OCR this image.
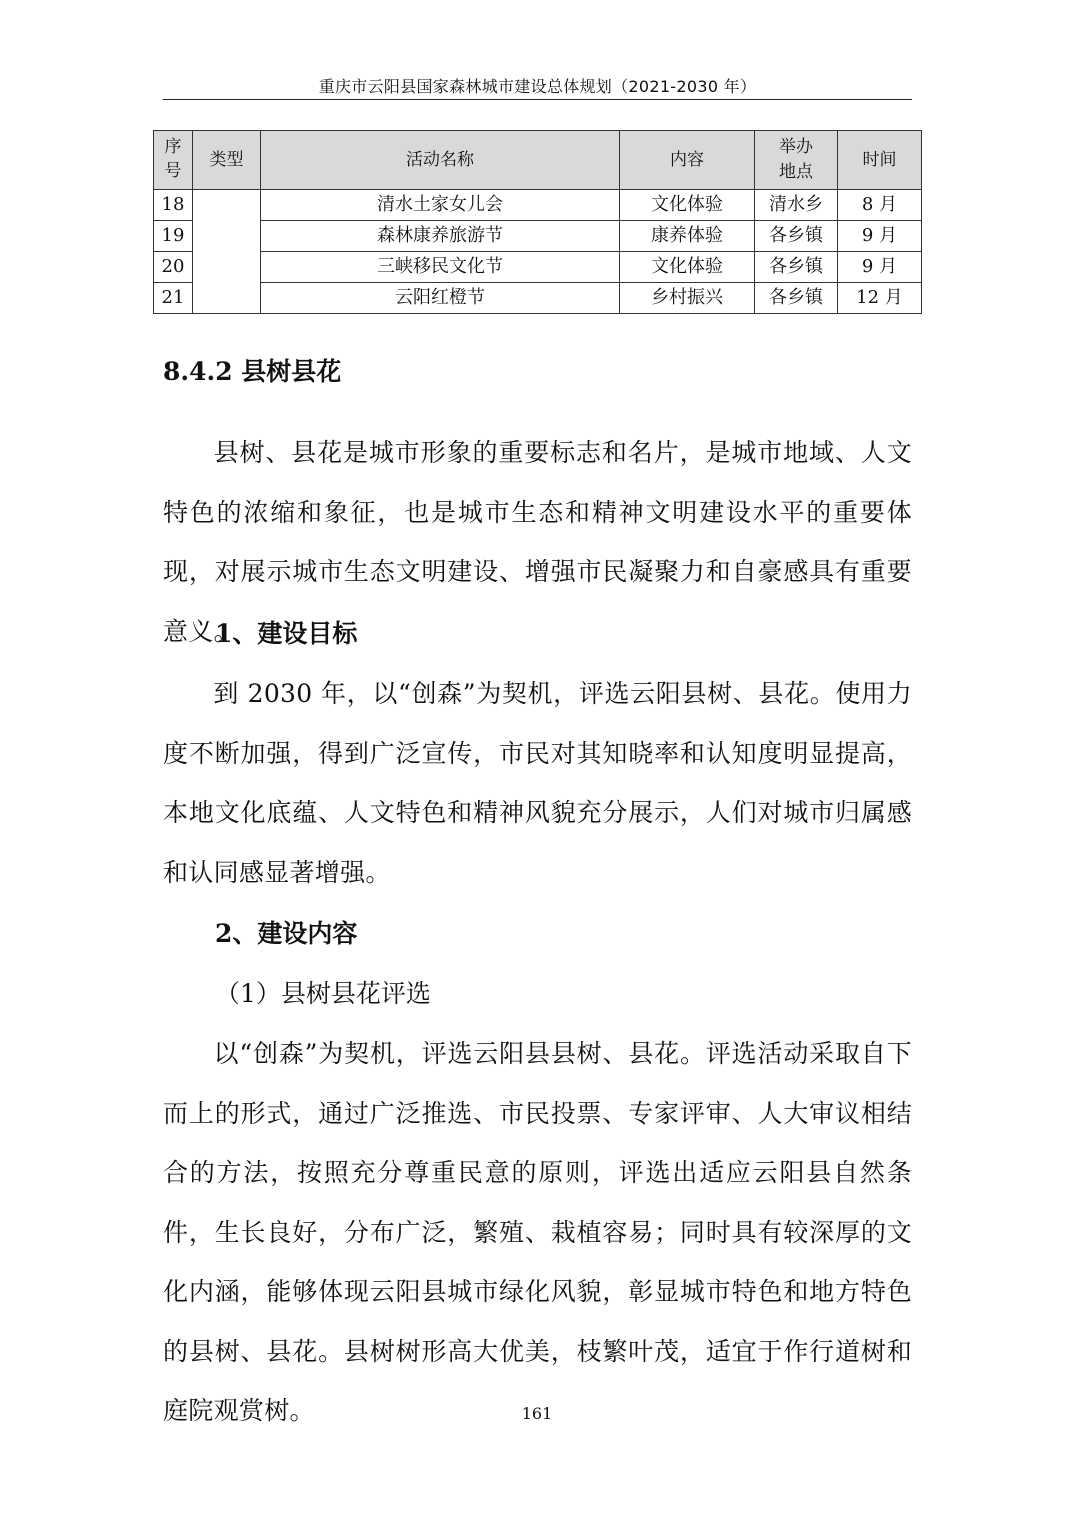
重庆市云阳县国家森林城市建设总体规划（2021-2030 年）
序号	类型	活动名称	内容	举办地点	时间
18		清水土家女儿会	文化体验	清水乡	8 月
19		森林康养旅游节	康养体验	各乡镇	9 月
20		三峡移民文化节	文化体验	各乡镇	9 月
21		云阳红橙节	乡村振兴	各乡镇	12 月
8.4.2 县树县花
县树、县花是城市形象的重要标志和名片，是城市地域、人文特色的浓缩和象征，也是城市生态和精神文明建设水平的重要体现，对展示城市生态文明建设、增强市民凝聚力和自豪感具有重要意义。
1、建设目标
到 2030 年，以“创森”为契机，评选云阳县树、县花。使用力度不断加强，得到广泛宣传，市民对其知晓率和认知度明显提高，本地文化底蕴、人文特色和精神风貌充分展示，人们对城市归属感和认同感显著增强。
2、建设内容
（1）县树县花评选
以“创森”为契机，评选云阳县县树、县花。评选活动采取自下而上的形式，通过广泛推选、市民投票、专家评审、人大审议相结合的方法，按照充分尊重民意的原则，评选出适应云阳县自然条件，生长良好，分布广泛，繁殖、栽植容易；同时具有较深厚的文化内涵，能够体现云阳县城市绿化风貌，彰显城市特色和地方特色的县树、县花。县树树形高大优美，枝繁叶茂，适宜于作行道树和庭院观赏树。	161
